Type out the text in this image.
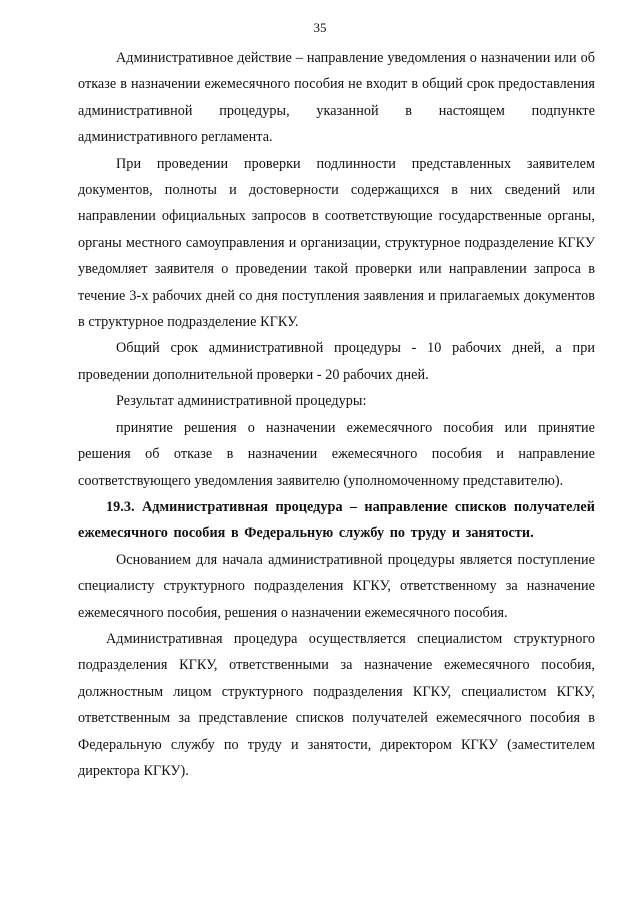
35

Административное действие – направление уведомления о назначении или об отказе в назначении ежемесячного пособия не входит в общий срок предоставления административной процедуры, указанной в настоящем подпункте административного регламента.

При проведении проверки подлинности представленных заявителем документов, полноты и достоверности содержащихся в них сведений или направлении официальных запросов в соответствующие государственные органы, органы местного самоуправления и организации, структурное подразделение КГКУ уведомляет заявителя о проведении такой проверки или направлении запроса в течение 3-х рабочих дней со дня поступления заявления и прилагаемых документов в структурное подразделение КГКУ.

Общий срок административной процедуры - 10 рабочих дней, а при проведении дополнительной проверки - 20 рабочих дней.

Результат административной процедуры:

принятие решения о назначении ежемесячного пособия или принятие решения об отказе в назначении ежемесячного пособия и направление соответствующего уведомления заявителю (уполномоченному представителю).

19.3. Административная процедура – направление списков получателей ежемесячного пособия в Федеральную службу по труду и занятости.

Основанием для начала административной процедуры является поступление специалисту структурного подразделения КГКУ, ответственному за назначение ежемесячного пособия, решения о назначении ежемесячного пособия.

Административная процедура осуществляется специалистом структурного подразделения КГКУ, ответственными за назначение ежемесячного пособия, должностным лицом структурного подразделения КГКУ, специалистом КГКУ, ответственным за представление списков получателей ежемесячного пособия в Федеральную службу по труду и занятости, директором КГКУ (заместителем директора КГКУ).
